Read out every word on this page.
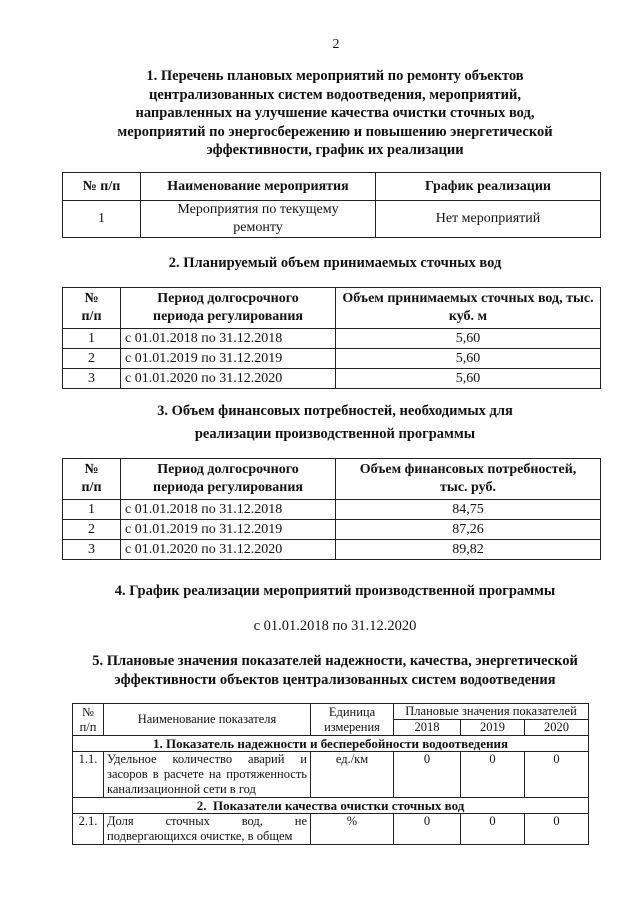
2
1. Перечень плановых мероприятий по ремонту объектов
централизованных систем водоотведения, мероприятий,
направленных на улучшение качества очистки сточных вод,
мероприятий по энергосбережению и повышению энергетической
эффективности, график их реализации
№ п/п	Наименование мероприятия	График реализации
1	Мероприятия по текущему ремонту	Нет мероприятий
2. Планируемый объем принимаемых сточных вод
№ п/п	Период долгосрочного периода регулирования	Объем принимаемых сточных вод, тыс. куб. м
1	с 01.01.2018 по 31.12.2018	5,60
2	с 01.01.2019 по 31.12.2019	5,60
3	с 01.01.2020 по 31.12.2020	5,60
3. Объем финансовых потребностей, необходимых для
реализации производственной программы
№ п/п	Период долгосрочного периода регулирования	Объем финансовых потребностей, тыс. руб.
1	с 01.01.2018 по 31.12.2018	84,75
2	с 01.01.2019 по 31.12.2019	87,26
3	с 01.01.2020 по 31.12.2020	89,82
4. График реализации мероприятий производственной программы
с 01.01.2018 по 31.12.2020
5. Плановые значения показателей надежности, качества, энергетической
эффективности объектов централизованных систем водоотведения
№ п/п	Наименование показателя	Единица измерения	Плановые значения показателей		
			2018	2019	2020
1. Показатель надежности и бесперебойности водоотведения					
1.1.	Удельное количество аварий и засоров в расчете на протяженность канализационной сети в год	ед./км	0	0	0
2.  Показатели качества очистки сточных вод					
2.1.	Доля сточных вод, не подвергающихся очистке, в общем	%	0	0	0
